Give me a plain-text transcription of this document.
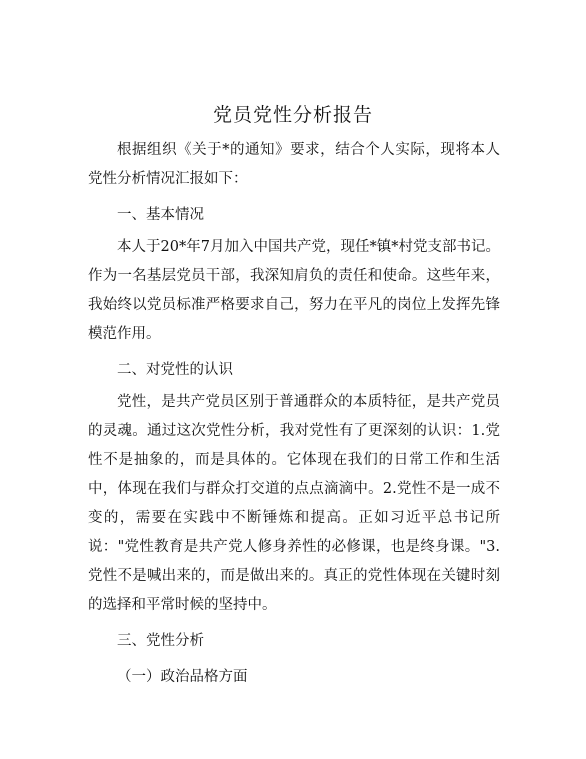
党员党性分析报告

根据组织《关于*的通知》要求，结合个人实际，现将本人党性分析情况汇报如下：

一、基本情况

本人于20*年7月加入中国共产党，现任*镇*村党支部书记。作为一名基层党员干部，我深知肩负的责任和使命。这些年来，我始终以党员标准严格要求自己，努力在平凡的岗位上发挥先锋模范作用。

二、对党性的认识

党性，是共产党员区别于普通群众的本质特征，是共产党员的灵魂。通过这次党性分析，我对党性有了更深刻的认识：1.党性不是抽象的，而是具体的。它体现在我们的日常工作和生活中，体现在我们与群众打交道的点点滴滴中。2.党性不是一成不变的，需要在实践中不断锤炼和提高。正如习近平总书记所说："党性教育是共产党人修身养性的必修课，也是终身课。"3.党性不是喊出来的，而是做出来的。真正的党性体现在关键时刻的选择和平常时候的坚持中。

三、党性分析

（一）政治品格方面
